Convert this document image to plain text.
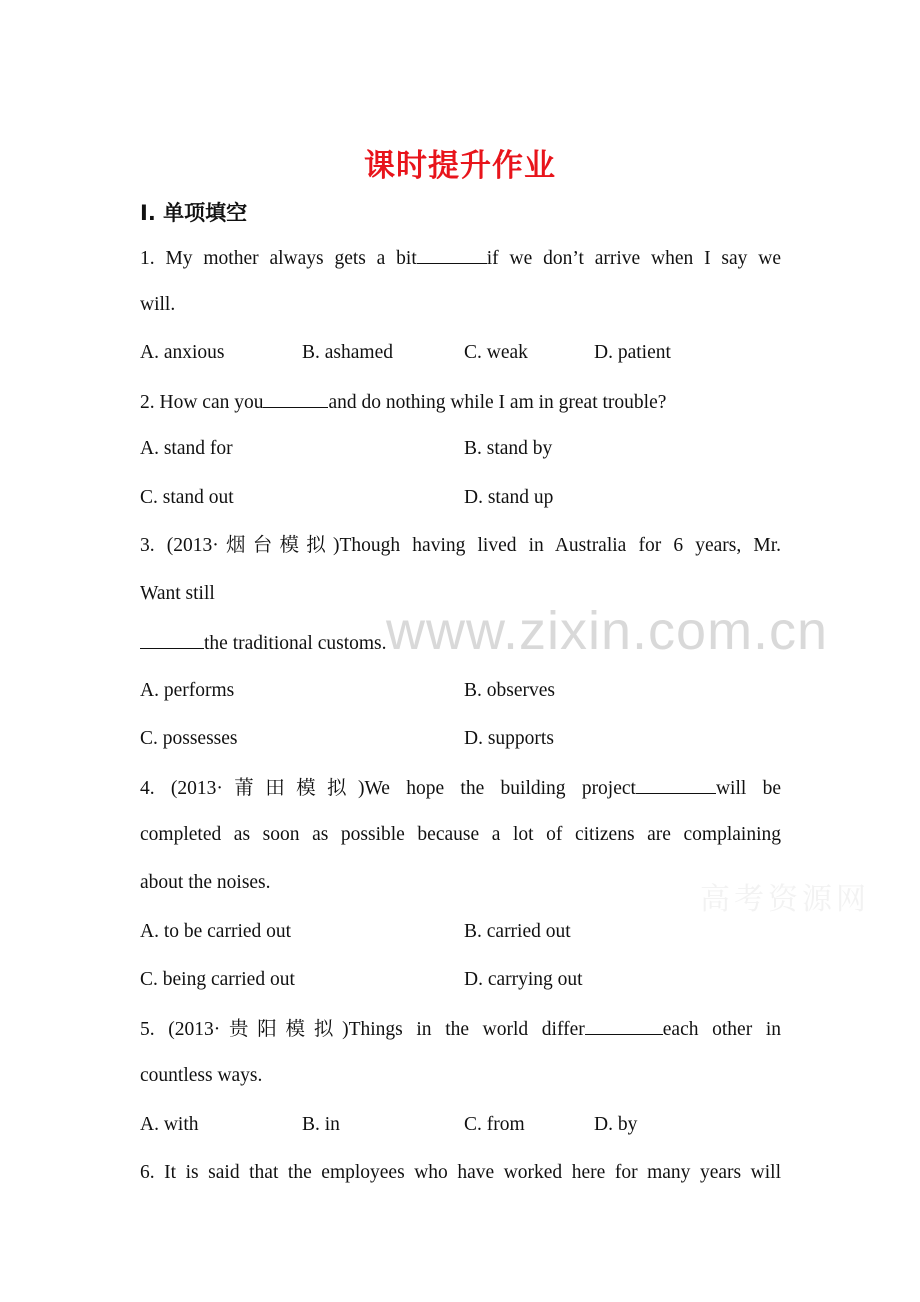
www.zixin.com.cn
高考资源网
课时提升作业
Ⅰ. 单项填空
1. My mother always gets a bit	if we don’t arrive when I say we
will.
A. anxious	B. ashamed	C. weak	D. patient
2. How can you	and do nothing while I am in great trouble?
A. stand for	B. stand by
C. stand out	D. stand up
3. (2013·烟台模拟)Though having lived in Australia for 6 years, Mr.
Want still
the traditional customs.
A. performs	B. observes
C. possesses	D. supports
4. (2013·莆田模拟)We hope the building project	will be
completed as soon as possible because a lot of citizens are complaining
about the noises.
A. to be carried out	B. carried out
C. being carried out	D. carrying out
5. (2013·贵阳模拟)Things in the world differ	each other in
countless ways.
A. with	B. in	C. from	D. by
6. It is said that the employees who have worked here for many years will
